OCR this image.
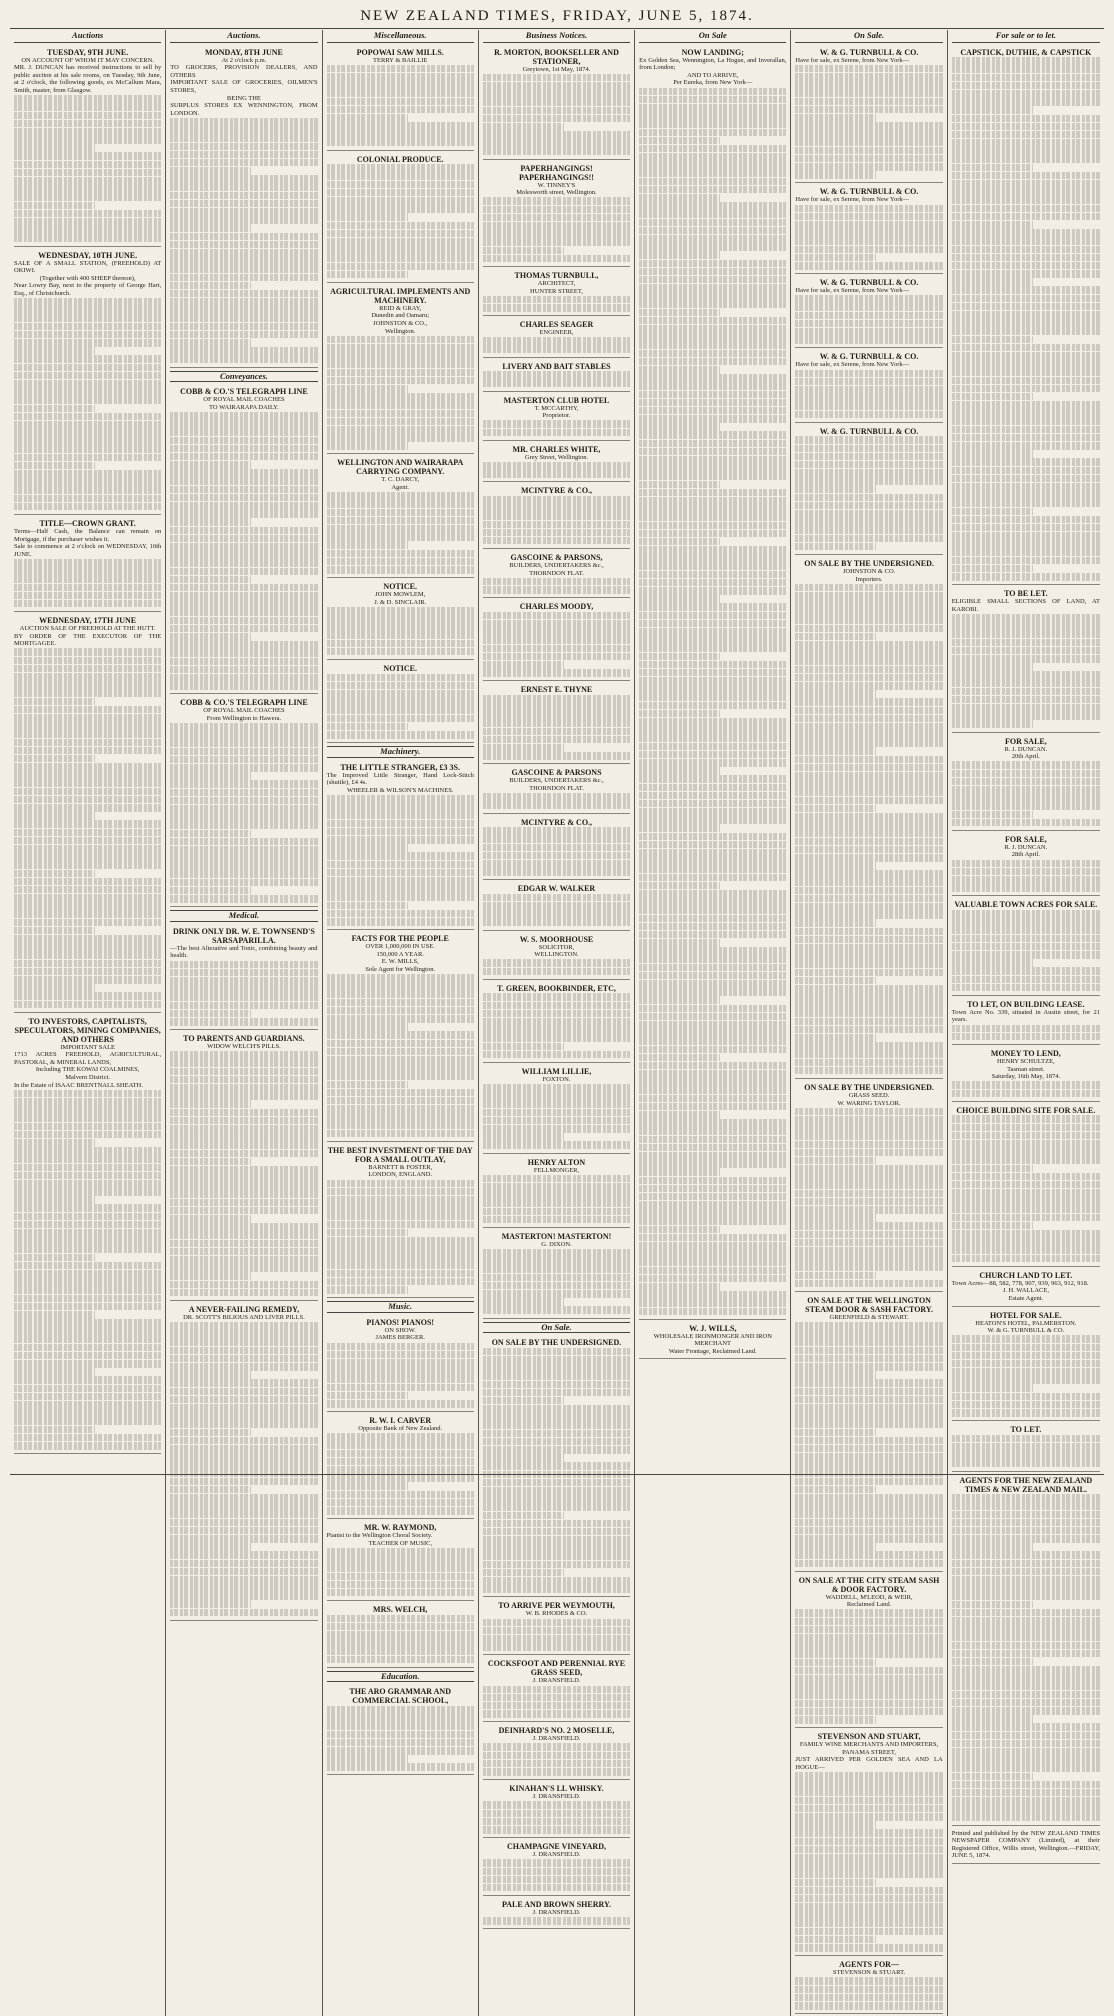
NEW ZEALAND TIMES, FRIDAY, JUNE 5, 1874.
Auctions
TUESDAY, 9TH JUNE.
ON ACCOUNT OF WHOM IT MAY CONCERN.
MR. J. DUNCAN has received instructions to sell by public auction at his sale rooms, on Tuesday, 9th June, at 2 o'clock, the following goods, ex McCallum Mara, Smith, master, from Glasgow.
WEDNESDAY, 10TH JUNE.
SALE OF A SMALL STATION, (FREEHOLD) AT OKIWI.
(Together with 400 SHEEP thereon),
Near Lowry Bay, next to the property of George Hart, Esq., of Christchurch.
TITLE—CROWN GRANT.
Terms—Half Cash, the Balance can remain on Mortgage, if the purchaser wishes it.
Sale to commence at 2 o'clock on WEDNESDAY, 10th JUNE.
WEDNESDAY, 17TH JUNE
AUCTION SALE OF FREEHOLD AT THE HUTT.
BY ORDER OF THE EXECUTOR OF THE MORTGAGEE.
TO INVESTORS, CAPITALISTS, SPECULATORS, MINING COMPANIES, AND OTHERS
IMPORTANT SALE
1713 ACRES FREEHOLD, AGRICULTURAL, PASTORAL, & MINERAL LANDS,
Including THE KOWAI COALMINES,
Malvern District.
In the Estate of ISAAC BRENTNALL SHEATH.
Auctions.
MONDAY, 8TH JUNE
At 2 o'clock p.m.
TO GROCERS, PROVISION DEALERS, AND OTHERS
IMPORTANT SALE OF GROCERIES, OILMEN'S STORES,
BEING THE
SURPLUS STORES EX WENNINGTON, FROM LONDON.
Conveyances.
COBB & CO.'S TELEGRAPH LINE
OF ROYAL MAIL COACHES
TO WAIRARAPA DAILY.
COBB & CO.'S TELEGRAPH LINE
OF ROYAL MAIL COACHES
From Wellington to Hawera.
Medical.
DRINK ONLY DR. W. E. TOWNSEND'S SARSAPARILLA.
—The best Alterative and Tonic, combining beauty and health.
TO PARENTS AND GUARDIANS.
WIDOW WELCH'S PILLS.
A NEVER-FAILING REMEDY,
DR. SCOTT'S BILIOUS AND LIVER PILLS.
Miscellaneous.
POPOWAI SAW MILLS.
TERRY & BAILLIE
COLONIAL PRODUCE.
AGRICULTURAL IMPLEMENTS AND MACHINERY.
REID & GRAY,
Dunedin and Oamaru;
JOHNSTON & CO.,
Wellington.
WELLINGTON AND WAIRARAPA CARRYING COMPANY.
T. C. DARCY,
Agent.
NOTICE.
JOHN MOWLEM,
J. & D. SINCLAIR.
NOTICE.
Machinery.
THE LITTLE STRANGER, £3 3S.
The Improved Little Stranger, Hand Lock-Stitch (shuttle), £4 4s.
WHEELER & WILSON'S MACHINES.
FACTS FOR THE PEOPLE
OVER 1,000,000 IN USE.
150,000 A YEAR.
E. W. MILLS,
Sole Agent for Wellington.
THE BEST INVESTMENT OF THE DAY FOR A SMALL OUTLAY,
BARNETT & FOSTER,
LONDON, ENGLAND.
Music.
PIANOS! PIANOS!
ON SHOW.
JAMES BERGER.
R. W. I. CARVER
Opposite Bank of New Zealand.
MR. W. RAYMOND,
Pianist to the Wellington Choral Society.
TEACHER OF MUSIC,
MRS. WELCH,
Education.
THE ARO GRAMMAR AND COMMERCIAL SCHOOL,
Business Notices.
R. MORTON, BOOKSELLER AND STATIONER,
Greytown, 1st May, 1874.
PAPERHANGINGS! PAPERHANGINGS!!
W. TINNEY'S
Molesworth street, Wellington.
THOMAS TURNBULL,
ARCHITECT,
HUNTER STREET,
CHARLES SEAGER
ENGINEER,
LIVERY AND BAIT STABLES
MASTERTON CLUB HOTEL
T. MCCARTHY,
Proprietor.
MR. CHARLES WHITE,
Grey Street, Wellington.
MCINTYRE & CO.,
GASCOINE & PARSONS,
BUILDERS, UNDERTAKERS &c.,
THORNDON FLAT.
CHARLES MOODY,
ERNEST E. THYNE
GASCOINE & PARSONS
BUILDERS, UNDERTAKERS &c.,
THORNDON FLAT.
MCINTYRE & CO.,
EDGAR W. WALKER
W. S. MOORHOUSE
SOLICITOR,
WELLINGTON.
T. GREEN, BOOKBINDER, ETC,
WILLIAM LILLIE,
FOXTON.
HENRY ALTON
FELLMONGER,
MASTERTON! MASTERTON!
G. DIXON.
On Sale.
ON SALE BY THE UNDERSIGNED.
TO ARRIVE PER WEYMOUTH,
W. B. RHODES & CO.
COCKSFOOT AND PERENNIAL RYE GRASS SEED,
J. DRANSFIELD.
DEINHARD'S NO. 2 MOSELLE,
J. DRANSFIELD.
KINAHAN'S LL WHISKY.
J. DRANSFIELD.
CHAMPAGNE VINEYARD,
J. DRANSFIELD.
PALE AND BROWN SHERRY.
J. DRANSFIELD.
On Sale
NOW LANDING;
Ex Golden Sea, Wennington, La Hogue, and Inverallan, from London;
AND TO ARRIVE,
Per Eureka, from New York—
W. J. WILLS,
WHOLESALE IRONMONGER AND IRON MERCHANT
Water Frontage, Reclaimed Land.
On Sale.
W. & G. TURNBULL & CO.
Have for sale, ex Serene, from New York—
W. & G. TURNBULL & CO.
Have for sale, ex Serene, from New York—
W. & G. TURNBULL & CO.
Have for sale, ex Serene, from New York—
W. & G. TURNBULL & CO.
Have for sale, ex Serene, from New York—
W. & G. TURNBULL & CO.
ON SALE BY THE UNDERSIGNED.
JOHNSTON & CO.
Importers.
ON SALE BY THE UNDERSIGNED.
GRASS SEED.
W. WARING TAYLOR.
ON SALE AT THE WELLINGTON STEAM DOOR & SASH FACTORY.
GREENFIELD & STEWART.
ON SALE AT THE CITY STEAM SASH & DOOR FACTORY.
WADDELL, M'LEOD, & WEIR,
Reclaimed Land.
STEVENSON AND STUART,
FAMILY WINE MERCHANTS AND IMPORTERS,
PANAMA STREET,
JUST ARRIVED PER GOLDEN SEA AND LA HOGUE—
AGENTS FOR—
STEVENSON & STUART.
For sale or to let.
CAPSTICK, DUTHIE, & CAPSTICK
TO BE LET.
ELIGIBLE SMALL SECTIONS OF LAND, AT KAROBI.
FOR SALE,
R. J. DUNCAN.
20th April.
FOR SALE,
R. J. DUNCAN.
28th April.
VALUABLE TOWN ACRES FOR SALE.
TO LET, ON BUILDING LEASE.
Town Acre No. 339, situated in Austin street, for 21 years.
MONEY TO LEND,
HENRY SCHULTZE,
Tasman street.
Saturday, 16th May, 1874.
CHOICE BUILDING SITE FOR SALE.
CHURCH LAND TO LET.
Town Acres—88, 582, 778, 907, 939, 963, 912, 918.
J. H. WALLACE,
Estate Agent.
HOTEL FOR SALE.
HEATON'S HOTEL, PALMERSTON.
W. & G. TURNBULL & CO.
TO LET.
AGENTS FOR THE NEW ZEALAND TIMES & NEW ZEALAND MAIL.
Printed and published by the NEW ZEALAND TIMES NEWSPAPER COMPANY (Limited), at their Registered Office, Willis street, Wellington.—FRIDAY, JUNE 5, 1874.
